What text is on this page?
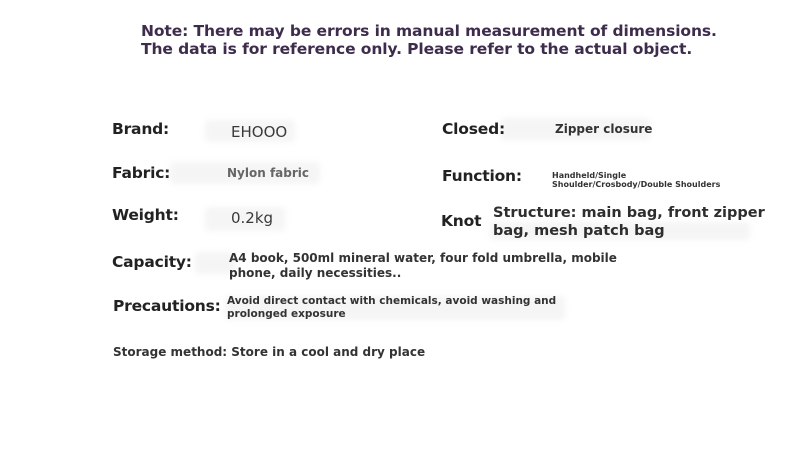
Note: There may be errors in manual measurement of dimensions.
The data is for reference only. Please refer to the actual object.
Brand:	EHOOO	Closed:	Zipper closure
Fabric:	Nylon fabric	Function:	Handheld/Single
Shoulder/Crosbody/Double Shoulders
Weight:	0.2kg	Knot Structure: main bag, front zipper
bag, mesh patch bag
Capacity:	A4 book, 500ml mineral water, four fold umbrella, mobile
phone, daily necessities..
Precautions: Avoid direct contact with chemicals, avoid washing and
prolonged exposure
Storage method: Store in a cool and dry place
